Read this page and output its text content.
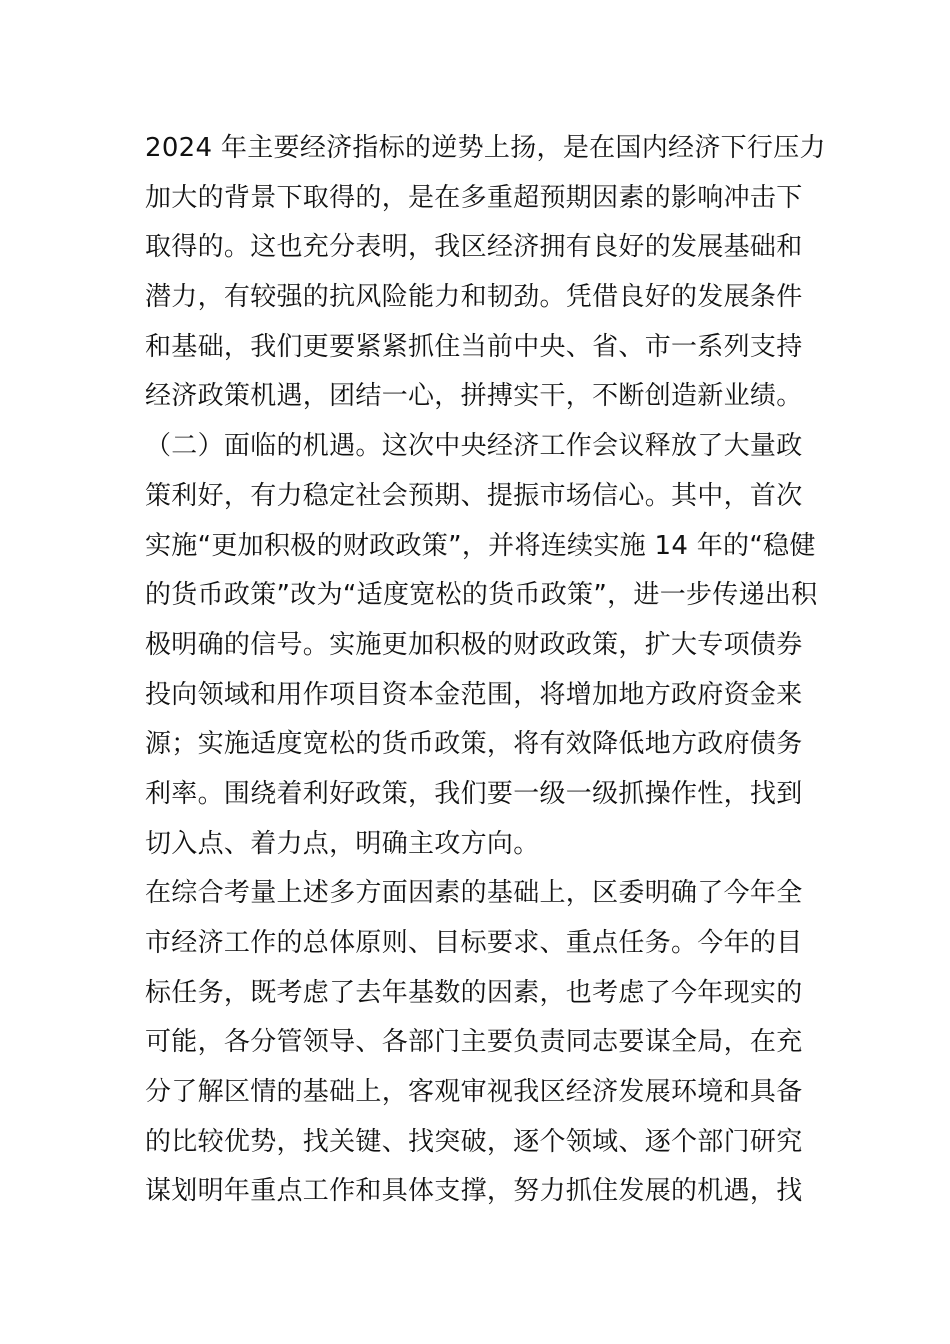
2024 年主要经济指标的逆势上扬，是在国内经济下行压力
加大的背景下取得的，是在多重超预期因素的影响冲击下
取得的。这也充分表明，我区经济拥有良好的发展基础和
潜力，有较强的抗风险能力和韧劲。凭借良好的发展条件
和基础，我们更要紧紧抓住当前中央、省、市一系列支持
经济政策机遇，团结一心，拼搏实干，不断创造新业绩。
（二）面临的机遇。这次中央经济工作会议释放了大量政
策利好，有力稳定社会预期、提振市场信心。其中，首次
实施“更加积极的财政政策”，并将连续实施 14 年的“稳健
的货币政策”改为“适度宽松的货币政策”，进一步传递出积
极明确的信号。实施更加积极的财政政策，扩大专项债券
投向领域和用作项目资本金范围，将增加地方政府资金来
源；实施适度宽松的货币政策，将有效降低地方政府债务
利率。围绕着利好政策，我们要一级一级抓操作性，找到
切入点、着力点，明确主攻方向。
在综合考量上述多方面因素的基础上，区委明确了今年全
市经济工作的总体原则、目标要求、重点任务。今年的目
标任务，既考虑了去年基数的因素，也考虑了今年现实的
可能，各分管领导、各部门主要负责同志要谋全局，在充
分了解区情的基础上，客观审视我区经济发展环境和具备
的比较优势，找关键、找突破，逐个领域、逐个部门研究
谋划明年重点工作和具体支撑，努力抓住发展的机遇，找
